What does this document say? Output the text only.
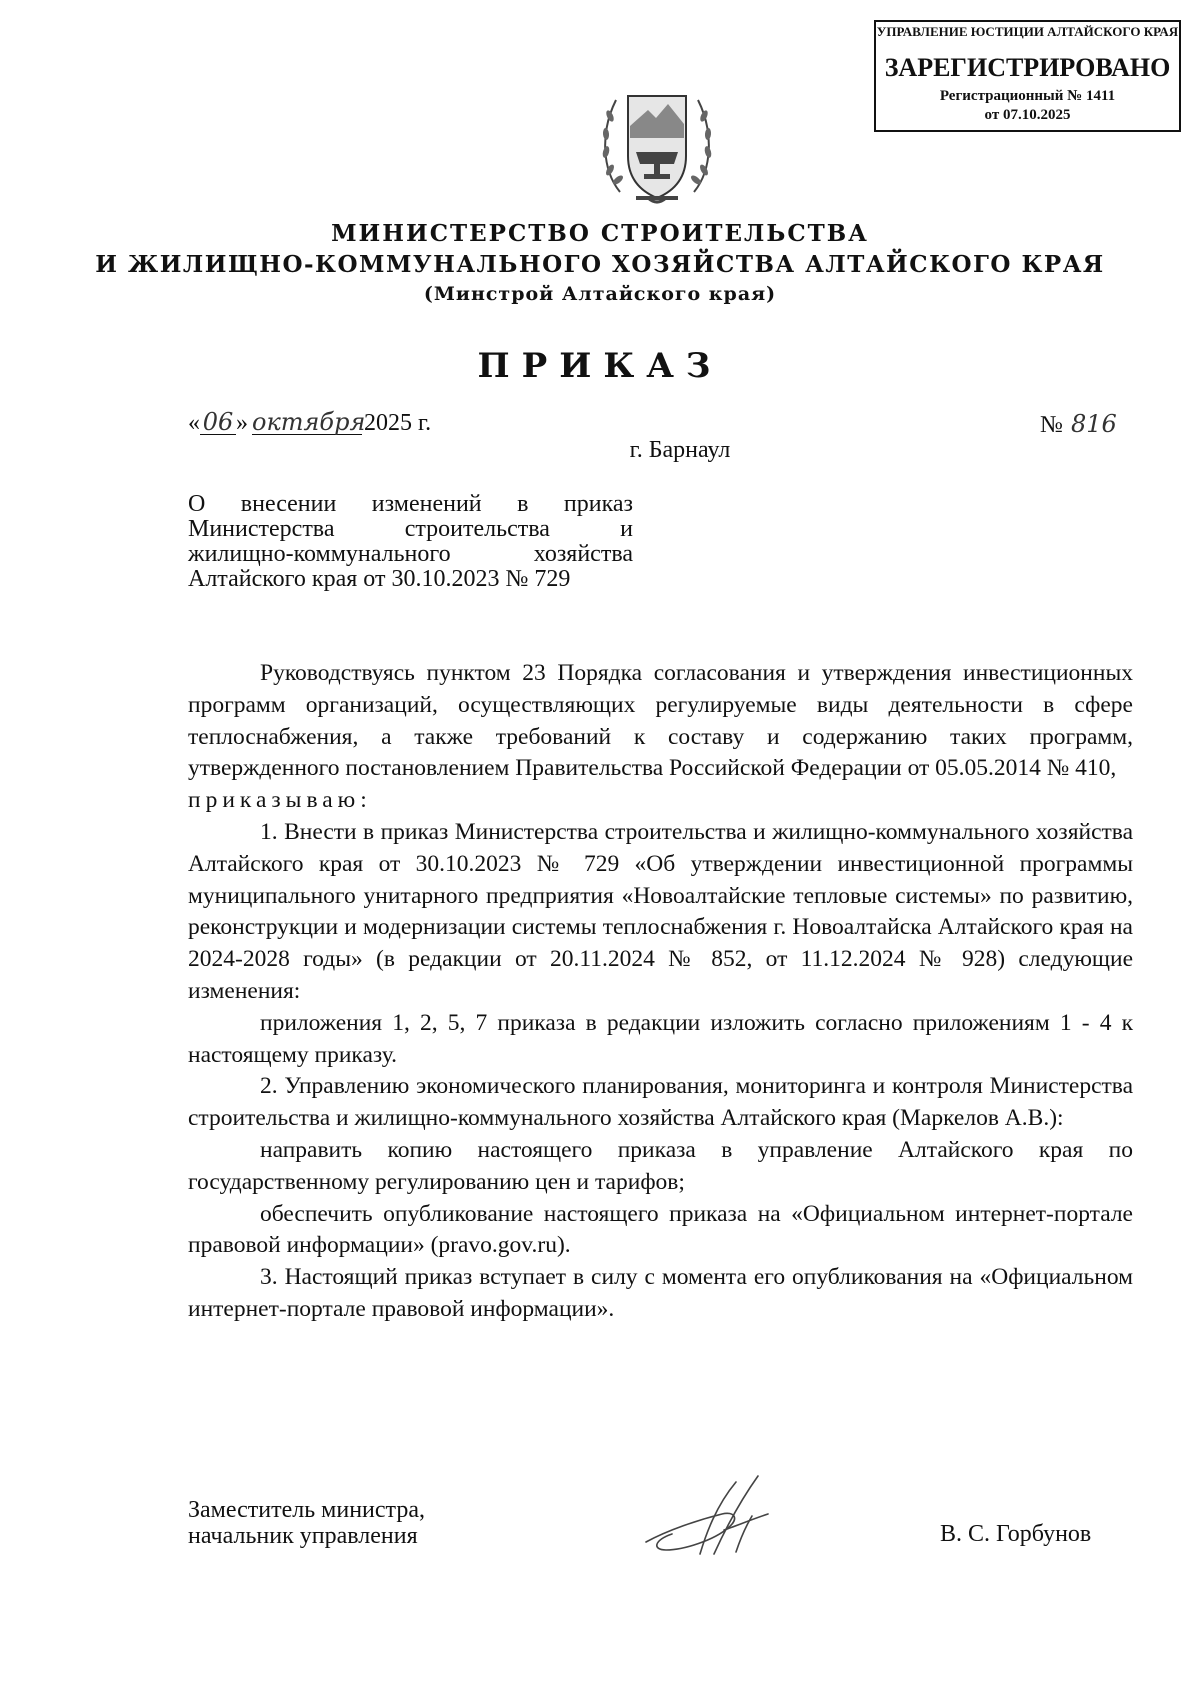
УПРАВЛЕНИЕ ЮСТИЦИИ АЛТАЙСКОГО КРАЯ
ЗАРЕГИСТРИРОВАНО
Регистрационный № 1411
от 07.10.2025
МИНИСТЕРСТВО СТРОИТЕЛЬСТВА
И ЖИЛИЩНО-КОММУНАЛЬНОГО ХОЗЯЙСТВА АЛТАЙСКОГО КРАЯ
(Минстрой Алтайского края)
ПРИКАЗ
« 06 » октября2025 г.	№ 816
г. Барнаул

О внесении изменений в приказ

Министерства строительства и

жилищно-коммунального хозяйства

Алтайского края от 30.10.2023 № 729

Руководствуясь пунктом 23 Порядка согласования и утверждения инвестиционных программ организаций, осуществляющих регулируемые виды деятельности в сфере теплоснабжения, а также требований к составу и содержанию таких программ, утвержденного постановлением Правительства Российской Федерации от 05.05.2014 № 410,

приказываю:

1. Внести в приказ Министерства строительства и жилищно-коммунального хозяйства Алтайского края от 30.10.2023 № 729 «Об утверждении инвестиционной программы муниципального унитарного предприятия «Новоалтайские тепловые системы» по развитию, реконструкции и модернизации системы теплоснабжения г. Новоалтайска Алтайского края на 2024-2028 годы» (в редакции от 20.11.2024 № 852, от 11.12.2024 № 928) следующие изменения:

приложения 1, 2, 5, 7 приказа в редакции изложить согласно приложениям 1 - 4 к настоящему приказу.

2. Управлению экономического планирования, мониторинга и контроля Министерства строительства и жилищно-коммунального хозяйства Алтайского края (Маркелов А.В.):

направить копию настоящего приказа в управление Алтайского края по государственному регулированию цен и тарифов;

обеспечить опубликование настоящего приказа на «Официальном интернет-портале правовой информации» (pravo.gov.ru).

3. Настоящий приказ вступает в силу с момента его опубликования на «Официальном интернет-портале правовой информации».

Заместитель министра,
начальник управления	В. С. Горбунов
